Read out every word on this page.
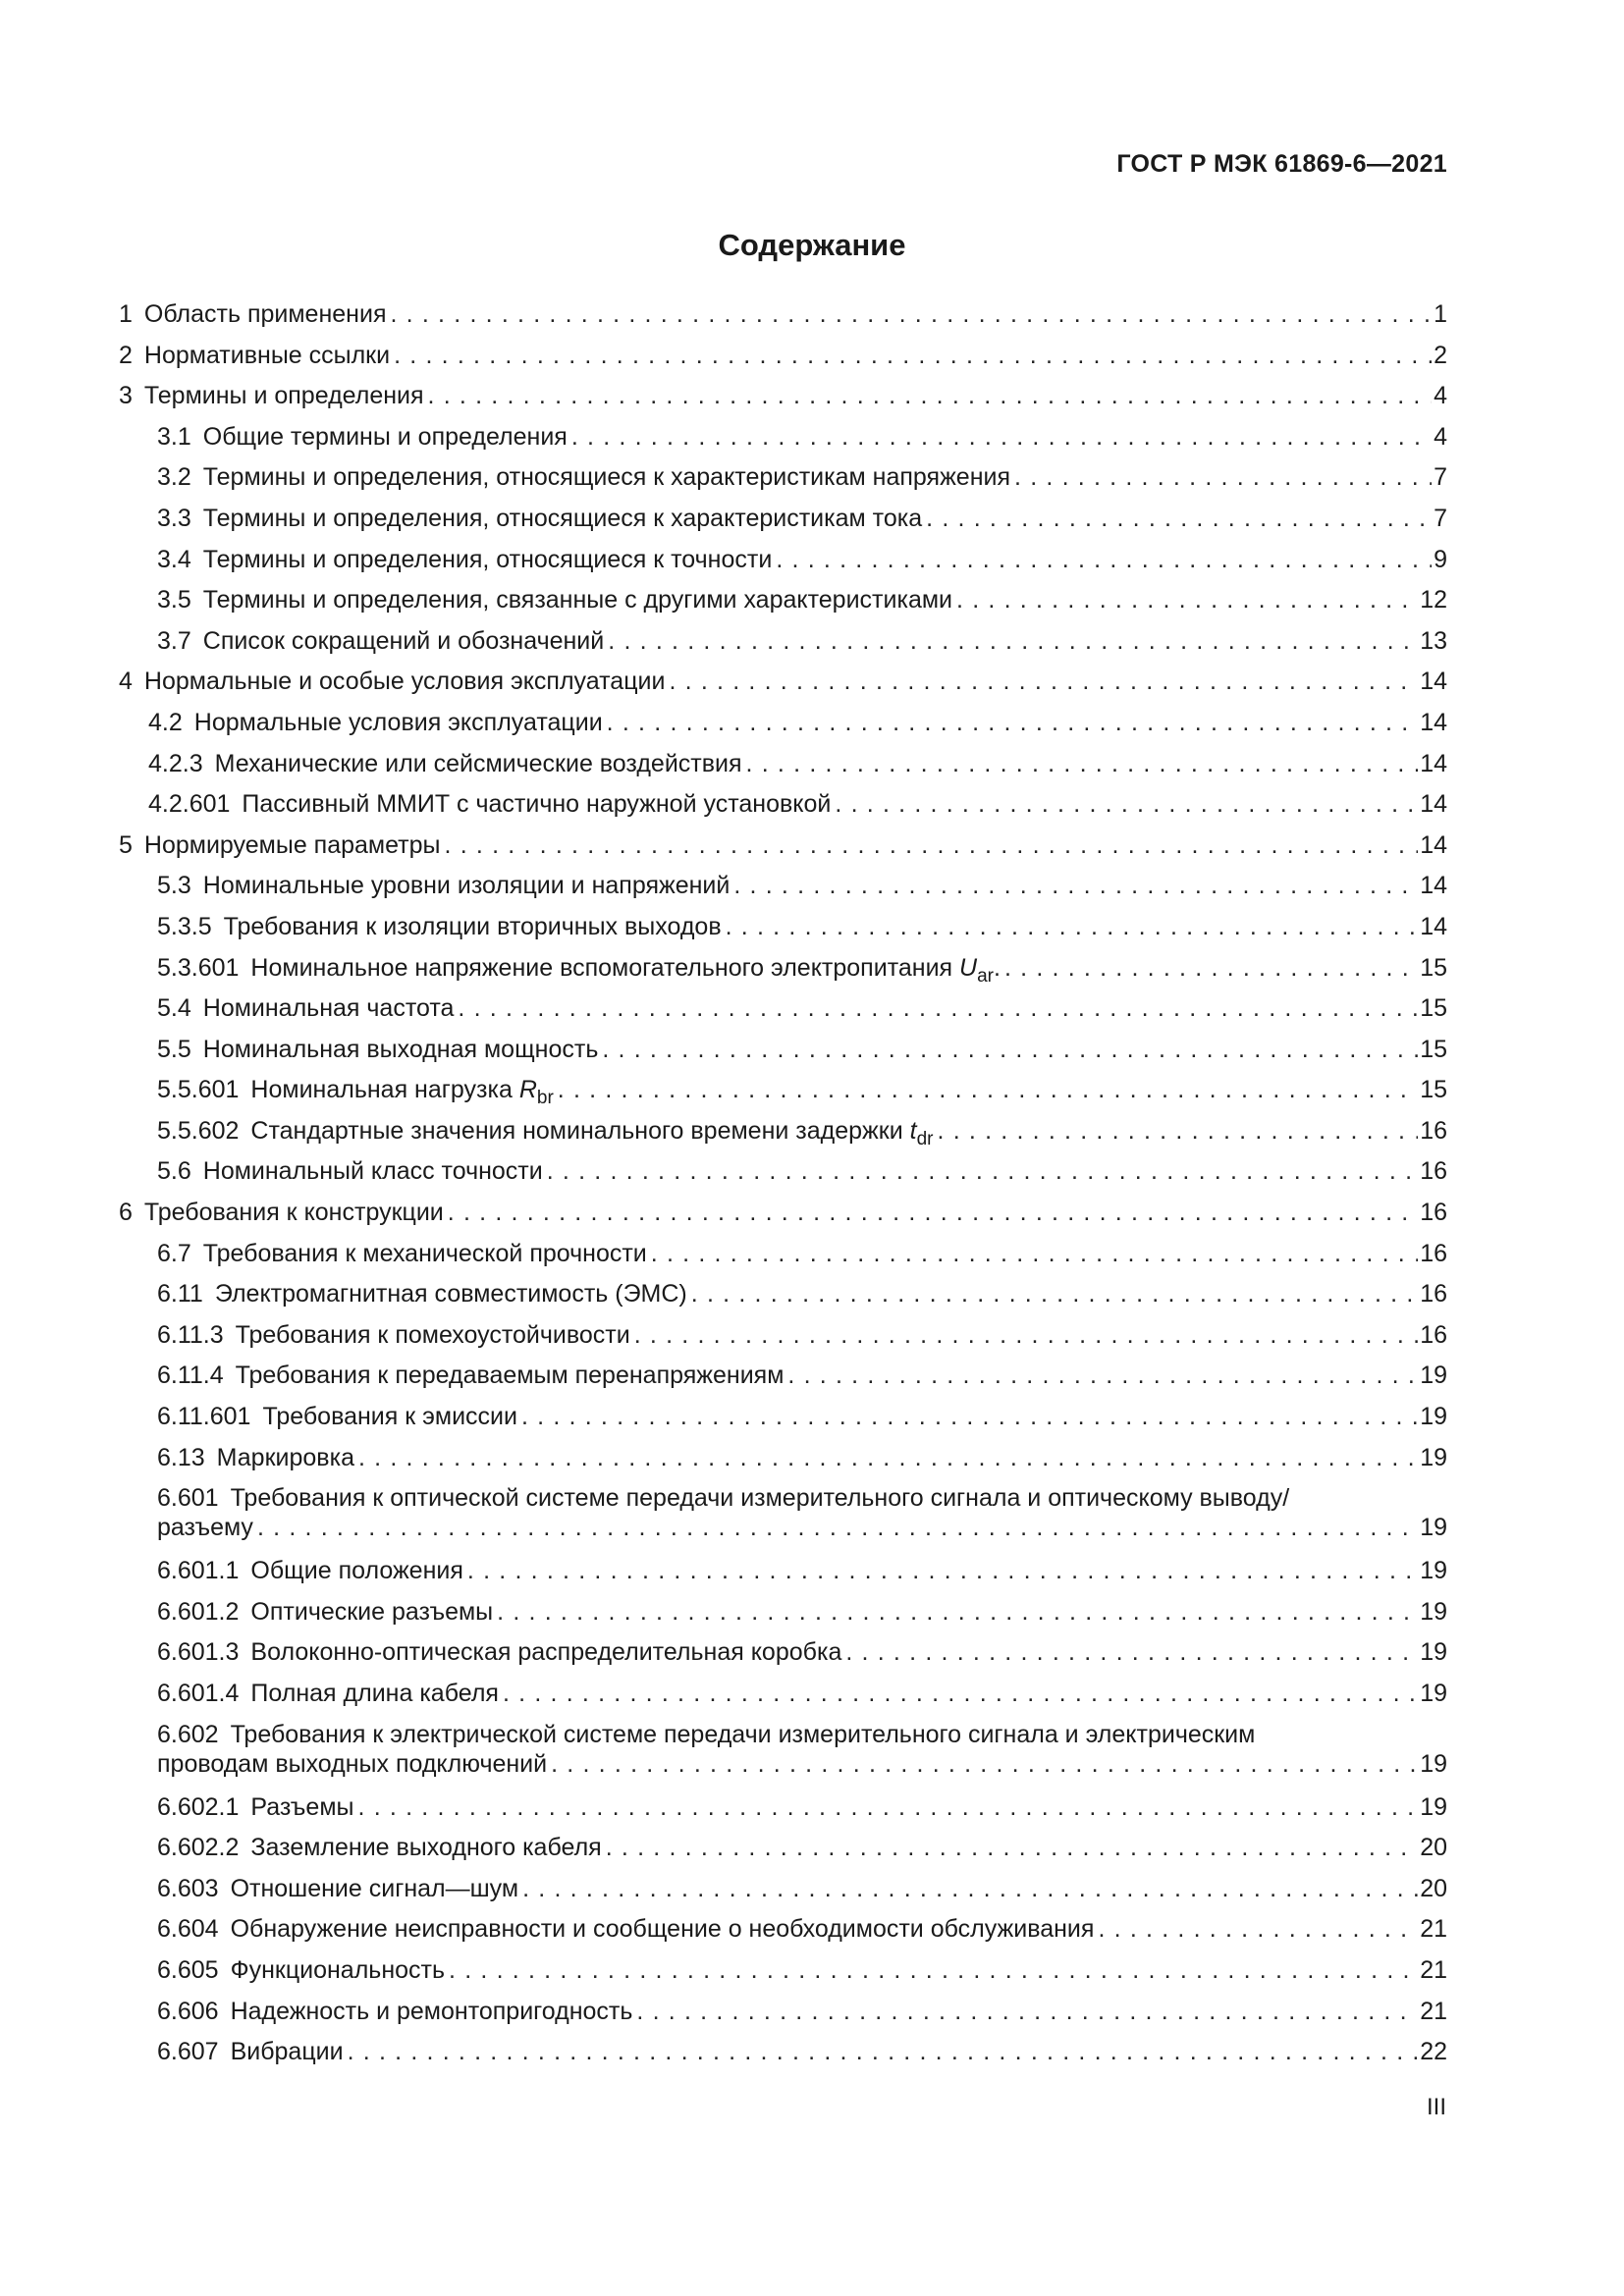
ГОСТ Р МЭК 61869-6—2021
Содержание
1 Область применения . . .	1
2 Нормативные ссылки . . .	2
3 Термины и определения . . .	4
3.1 Общие термины и определения . . .	4
3.2 Термины и определения, относящиеся к характеристикам напряжения . . .	7
3.3 Термины и определения, относящиеся к характеристикам тока . . .	7
3.4 Термины и определения, относящиеся к точности . . .	9
3.5 Термины и определения, связанные с другими характеристиками . . .	12
3.7 Список сокращений и обозначений . . .	13
4 Нормальные и особые условия эксплуатации . . .	14
4.2 Нормальные условия эксплуатации . . .	14
4.2.3 Механические или сейсмические воздействия . . .	14
4.2.601 Пассивный ММИТ с частично наружной установкой . . .	14
5 Нормируемые параметры . . .	14
5.3 Номинальные уровни изоляции и напряжений . . .	14
5.3.5 Требования к изоляции вторичных выходов . . .	14
5.3.601 Номинальное напряжение вспомогательного электропитания $U_{ar}$. . . .	15
5.4 Номинальная частота . . .	15
5.5 Номинальная выходная мощность . . .	15
5.5.601 Номинальная нагрузка $R_{br}$ . . .	15
5.5.602 Стандартные значения номинального времени задержки $t_{dr}$ . . .	16
5.6 Номинальный класс точности . . .	16
6 Требования к конструкции . . .	16
6.7 Требования к механической прочности . . .	16
6.11 Электромагнитная совместимость (ЭМС) . . .	16
6.11.3 Требования к помехоустойчивости . . .	16
6.11.4 Требования к передаваемым перенапряжениям . . .	19
6.11.601 Требования к эмиссии . . .	19
6.13 Маркировка . . .	19
6.601 Требования к оптической системе передачи измерительного сигнала и оптическому выводу/
разъему . . .	19
6.601.1 Общие положения . . .	19
6.601.2 Оптические разъемы . . .	19
6.601.3 Волоконно-оптическая распределительная коробка . . .	19
6.601.4 Полная длина кабеля . . .	19
6.602 Требования к электрической системе передачи измерительного сигнала и электрическим
проводам выходных подключений . . .	19
6.602.1 Разъемы . . .	19
6.602.2 Заземление выходного кабеля . . .	20
6.603 Отношение сигнал—шум . . .	20
6.604 Обнаружение неисправности и сообщение о необходимости обслуживания . . .	21
6.605 Функциональность . . .	21
6.606 Надежность и ремонтопригодность . . .	21
6.607 Вибрации . . .	22
III
